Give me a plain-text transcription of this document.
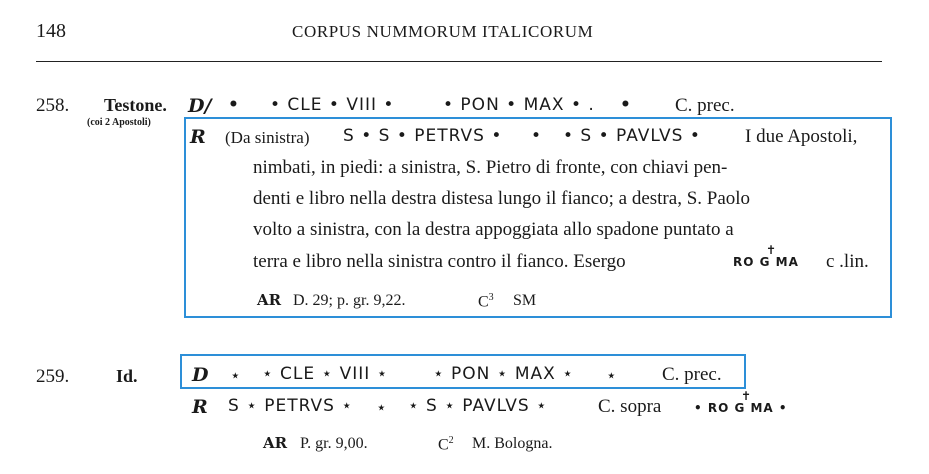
148	CORPUS NUMMORUM ITALICORUM
258. Testone.
(coi 2 Apostoli)
D/ • • CLE • VIII •	• PON • MAX • . • C. prec.
R (Da sinistra) S • S • PETRVS • • • S • PAVLVS • I due Apostoli,
nimbati, in piedi: a sinistra, S. Pietro di fronte, con chiavi pen-
denti e libro nella destra distesa lungo il fianco; a destra, S. Paolo
volto a sinistra, con la destra appoggiata allo spadone puntato a
terra e libro nella sinistra contro il fianco. Esergo	RO G MA
✝
c .lin.
AR D. 29; p. gr. 9,22.	$C^3$ SM
259.	Id.	D ⋆ ⋆ CLE ⋆ VIII ⋆	⋆ PON ⋆ MAX ⋆ ⋆ C. prec.
R S ⋆ PETRVS ⋆ ⋆ ⋆ S ⋆ PAVLVS ⋆	C. sopra	• RO G MA •
✝
AR P. gr. 9,00.	$C^2$ M. Bologna.
